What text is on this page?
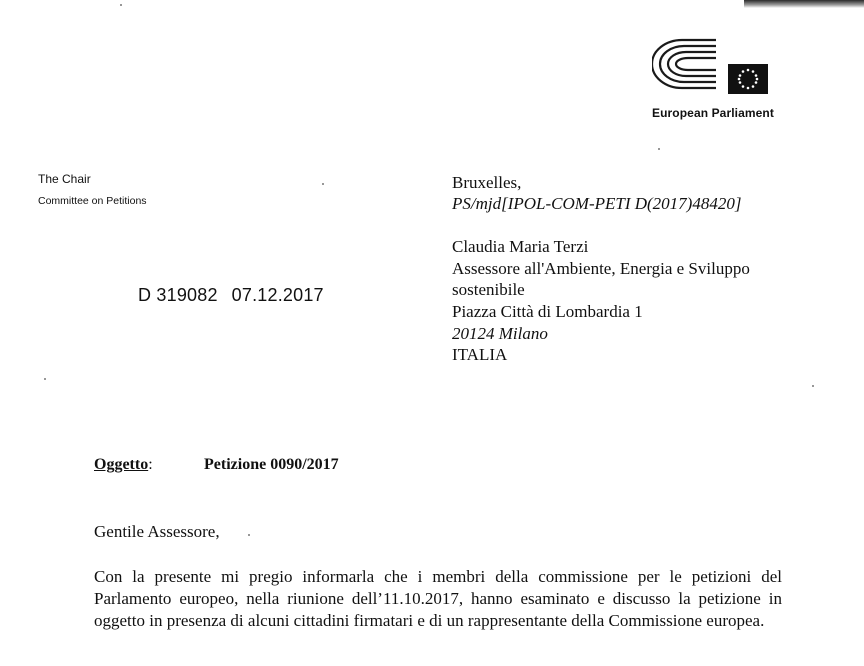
European Parliament
The Chair
Committee on Petitions
Bruxelles,
PS/mjd[IPOL-COM-PETI D(2017)48420]
Claudia Maria Terzi
Assessore all'Ambiente, Energia e Sviluppo
sostenibile
Piazza Città di Lombardia 1
20124 Milano
ITALIA
D 319082 07.12.2017
Oggetto:	Petizione 0090/2017
Gentile Assessore,
Con la presente mi pregio informarla che i membri della commissione per le petizioni del Parlamento europeo, nella riunione dell’11.10.2017, hanno esaminato e discusso la petizione in oggetto in presenza di alcuni cittadini firmatari e di un rappresentante della Commissione europea.
